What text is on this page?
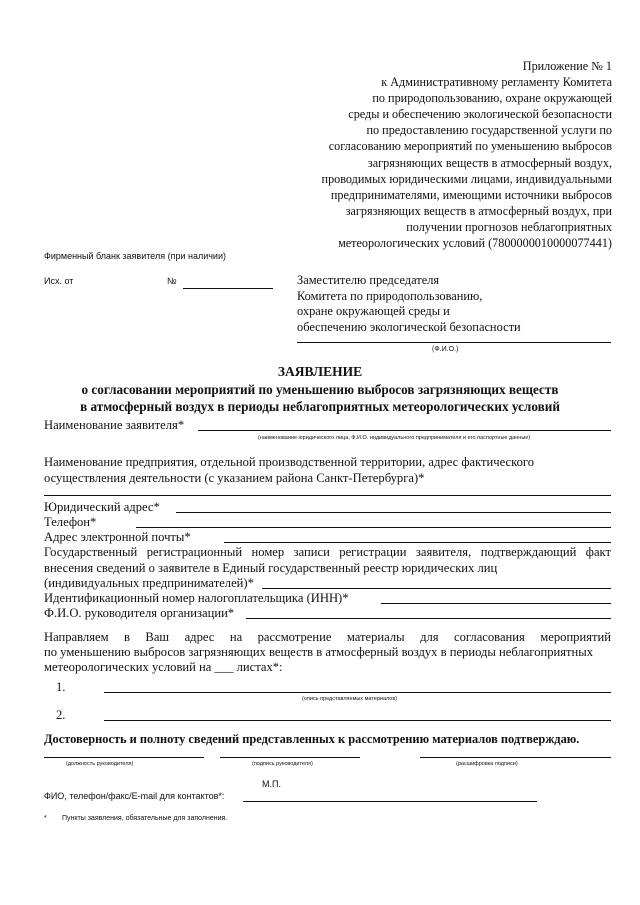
Приложение № 1
к Административному регламенту Комитета
по природопользованию, охране окружающей
среды и обеспечению экологической безопасности
по предоставлению государственной услуги по
согласованию мероприятий по уменьшению выбросов
загрязняющих веществ в атмосферный воздух,
проводимых юридическими лицами, индивидуальными
предпринимателями, имеющими источники выбросов
загрязняющих веществ в атмосферный воздух, при
получении прогнозов неблагоприятных
метеорологических условий (7800000010000077441)
Фирменный бланк заявителя (при наличии)
Исх. от	№	Заместителю председателя
Комитета по природопользованию,
охране окружающей среды и
обеспечению экологической безопасности
(Ф.И.О.)
ЗАЯВЛЕНИЕ
о согласовании мероприятий по уменьшению выбросов загрязняющих веществ
в атмосферный воздух в периоды неблагоприятных метеорологических условий
Наименование заявителя*
(наименование юридического лица, Ф.И.О. индивидуального предпринимателя и его паспортные данные)
Наименование предприятия, отдельной производственной территории, адрес фактического
осуществления деятельности (с указанием района Санкт-Петербурга)*
Юридический адрес*
Телефон*
Адрес электронной почты*
Государственный регистрационный номер записи регистрации заявителя, подтверждающий факт
внесения сведений о заявителе в Единый государственный реестр юридических лиц
(индивидуальных предпринимателей)*
Идентификационный номер налогоплательщика (ИНН)*
Ф.И.О. руководителя организации*
Направляем в Ваш адрес на рассмотрение материалы для согласования мероприятий
по уменьшению выбросов загрязняющих веществ в атмосферный воздух в периоды неблагоприятных
метеорологических условий на ___ листах*:
1.
(опись представляемых материалов)
2.
Достоверность и полноту сведений представленных к рассмотрению материалов подтверждаю.
(должность руководителя)	(подпись руководителя)	(расшифровка подписи)
М.П.
ФИО, телефон/факс/E-mail для контактов*:
* Пункты заявления, обязательные для заполнения.
